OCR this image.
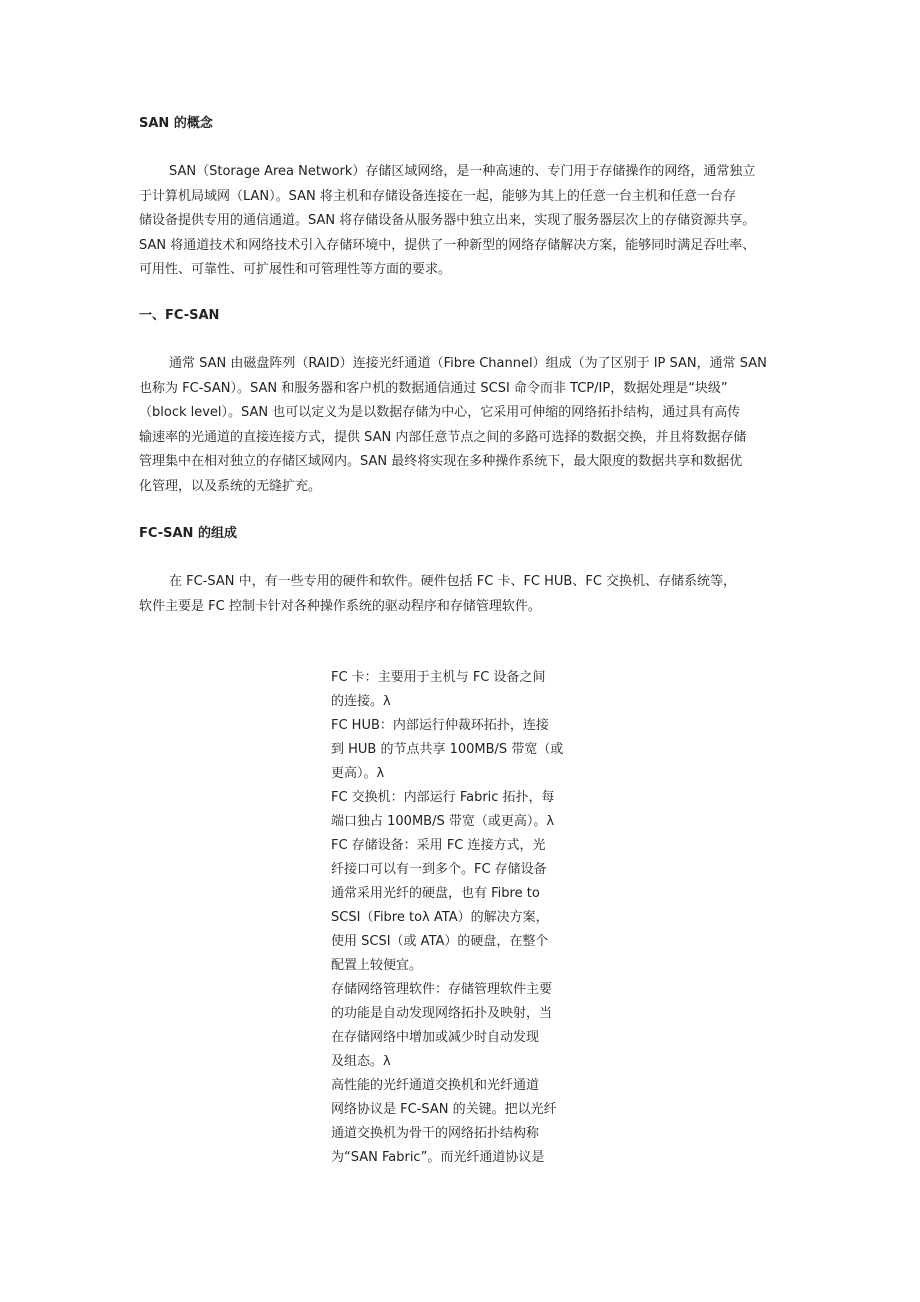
SAN 的概念
SAN（Storage Area Network）存储区域网络，是一种高速的、专门用于存储操作的网络，通常独立
于计算机局域网（LAN）。SAN 将主机和存储设备连接在一起，能够为其上的任意一台主机和任意一台存
储设备提供专用的通信通道。SAN 将存储设备从服务器中独立出来，实现了服务器层次上的存储资源共享。
SAN 将通道技术和网络技术引入存储环境中，提供了一种新型的网络存储解决方案，能够同时满足吞吐率、
可用性、可靠性、可扩展性和可管理性等方面的要求。
一、FC-SAN
通常 SAN 由磁盘阵列（RAID）连接光纤通道（Fibre Channel）组成（为了区别于 IP SAN，通常 SAN
也称为 FC-SAN）。SAN 和服务器和客户机的数据通信通过 SCSI 命令而非 TCP/IP，数据处理是“块级”
（block level）。SAN 也可以定义为是以数据存储为中心，它采用可伸缩的网络拓扑结构，通过具有高传
输速率的光通道的直接连接方式，提供 SAN 内部任意节点之间的多路可选择的数据交换，并且将数据存储
管理集中在相对独立的存储区域网内。SAN 最终将实现在多种操作系统下，最大限度的数据共享和数据优
化管理，以及系统的无缝扩充。
FC-SAN 的组成
在 FC-SAN 中，有一些专用的硬件和软件。硬件包括 FC 卡、FC HUB、FC 交换机、存储系统等，
软件主要是 FC 控制卡针对各种操作系统的驱动程序和存储管理软件。
FC 卡：主要用于主机与 FC 设备之间
的连接。λ
FC HUB：内部运行仲裁环拓扑，连接
到 HUB 的节点共享 100MB/S 带宽（或
更高）。λ
FC 交换机：内部运行 Fabric 拓扑，每
端口独占 100MB/S 带宽（或更高）。λ
FC 存储设备：采用 FC 连接方式，光
纤接口可以有一到多个。FC 存储设备
通常采用光纤的硬盘，也有 Fibre to
SCSI（Fibre toλ ATA）的解决方案，
使用 SCSI（或 ATA）的硬盘，在整个
配置上较便宜。
存储网络管理软件：存储管理软件主要
的功能是自动发现网络拓扑及映射，当
在存储网络中增加或减少时自动发现
及组态。λ
高性能的光纤通道交换机和光纤通道
网络协议是 FC-SAN 的关键。把以光纤
通道交换机为骨干的网络拓扑结构称
为“SAN Fabric”。而光纤通道协议是
